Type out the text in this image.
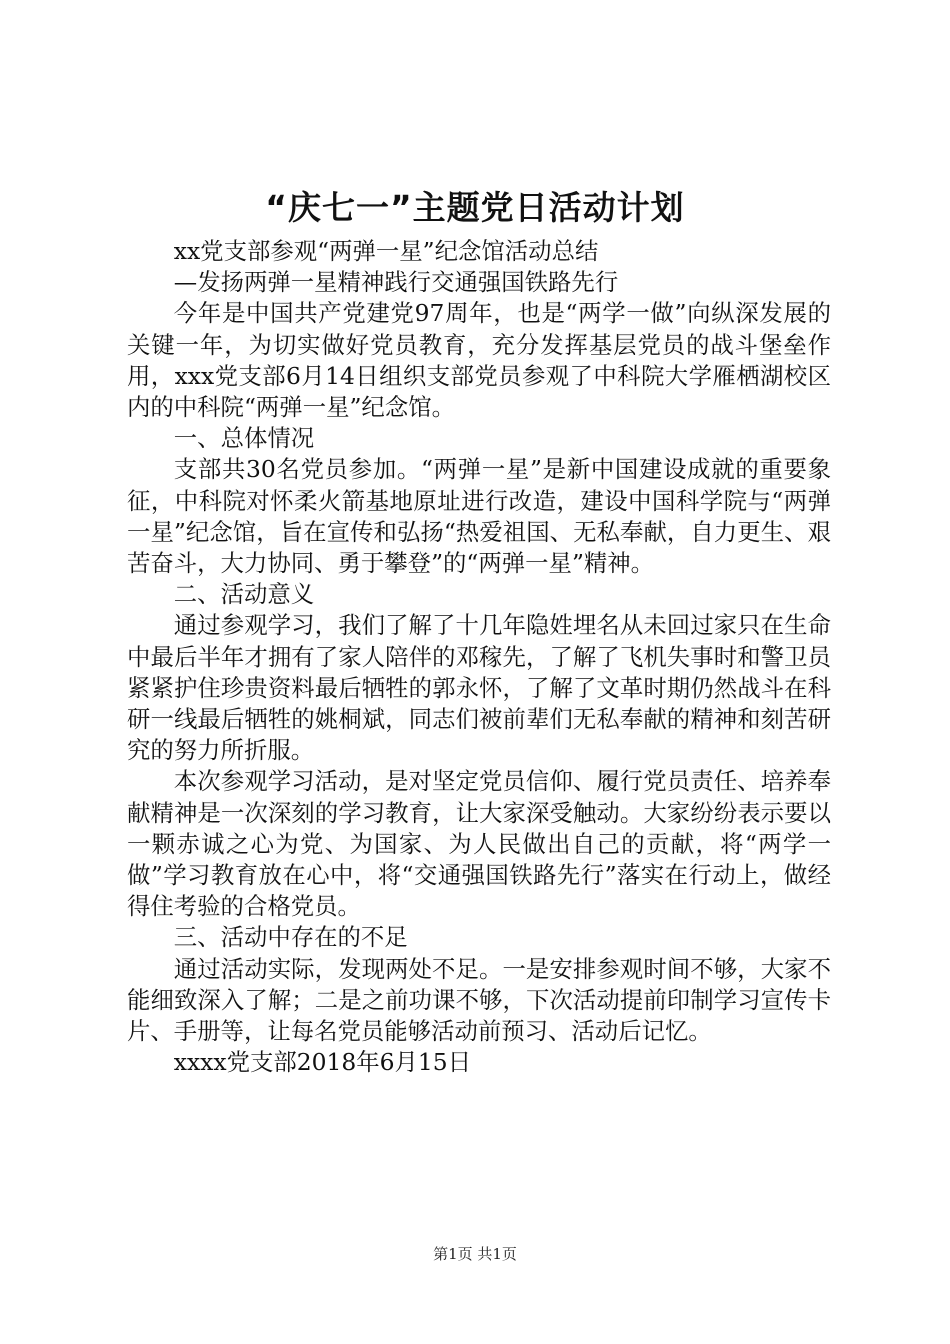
“庆七一”主题党日活动计划

xx党支部参观“两弹一星”纪念馆活动总结

—发扬两弹一星精神践行交通强国铁路先行

今年是中国共产党建党97周年，也是“两学一做”向纵深发展的关键一年，为切实做好党员教育，充分发挥基层党员的战斗堡垒作用，xxx党支部6月14日组织支部党员参观了中科院大学雁栖湖校区内的中科院“两弹一星”纪念馆。

一、总体情况

支部共30名党员参加。“两弹一星”是新中国建设成就的重要象征，中科院对怀柔火箭基地原址进行改造，建设中国科学院与“两弹一星”纪念馆，旨在宣传和弘扬“热爱祖国、无私奉献，自力更生、艰苦奋斗，大力协同、勇于攀登”的“两弹一星”精神。

二、活动意义

通过参观学习，我们了解了十几年隐姓埋名从未回过家只在生命中最后半年才拥有了家人陪伴的邓稼先，了解了飞机失事时和警卫员紧紧护住珍贵资料最后牺牲的郭永怀，了解了文革时期仍然战斗在科研一线最后牺牲的姚桐斌，同志们被前辈们无私奉献的精神和刻苦研究的努力所折服。

本次参观学习活动，是对坚定党员信仰、履行党员责任、培养奉献精神是一次深刻的学习教育，让大家深受触动。大家纷纷表示要以一颗赤诚之心为党、为国家、为人民做出自己的贡献，将“两学一做”学习教育放在心中，将“交通强国铁路先行”落实在行动上，做经得住考验的合格党员。

三、活动中存在的不足

通过活动实际，发现两处不足。一是安排参观时间不够，大家不能细致深入了解；二是之前功课不够，下次活动提前印制学习宣传卡片、手册等，让每名党员能够活动前预习、活动后记忆。

xxxx党支部2018年6月15日

第1页 共1页
